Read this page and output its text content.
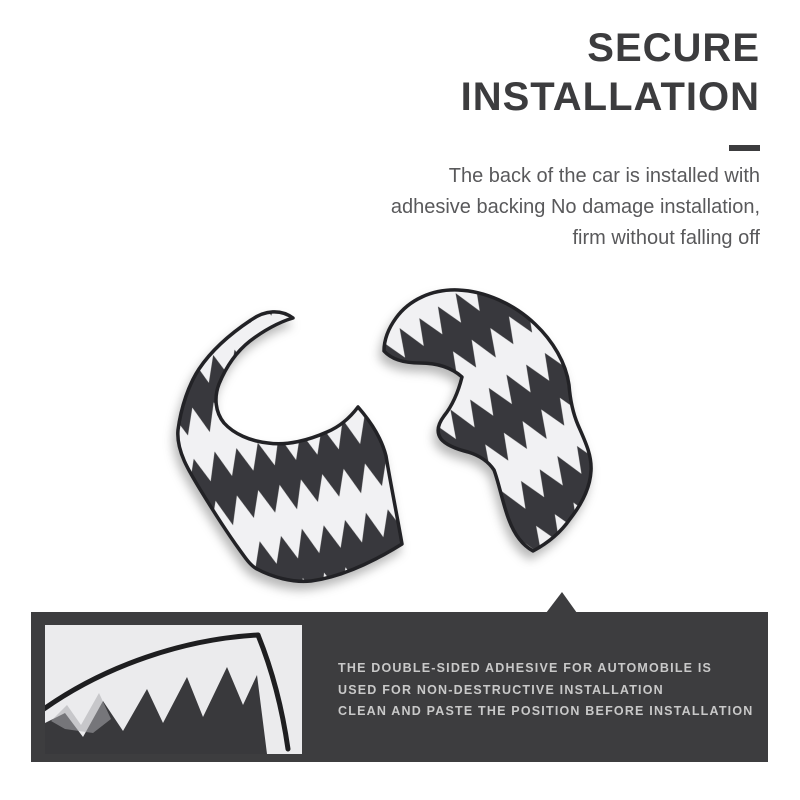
SECURE
INSTALLATION
The back of the car is installed with
adhesive backing No damage installation,
firm without falling off
THE DOUBLE-SIDED ADHESIVE FOR AUTOMOBILE IS
USED FOR NON-DESTRUCTIVE INSTALLATION
CLEAN AND PASTE THE POSITION BEFORE INSTALLATION
